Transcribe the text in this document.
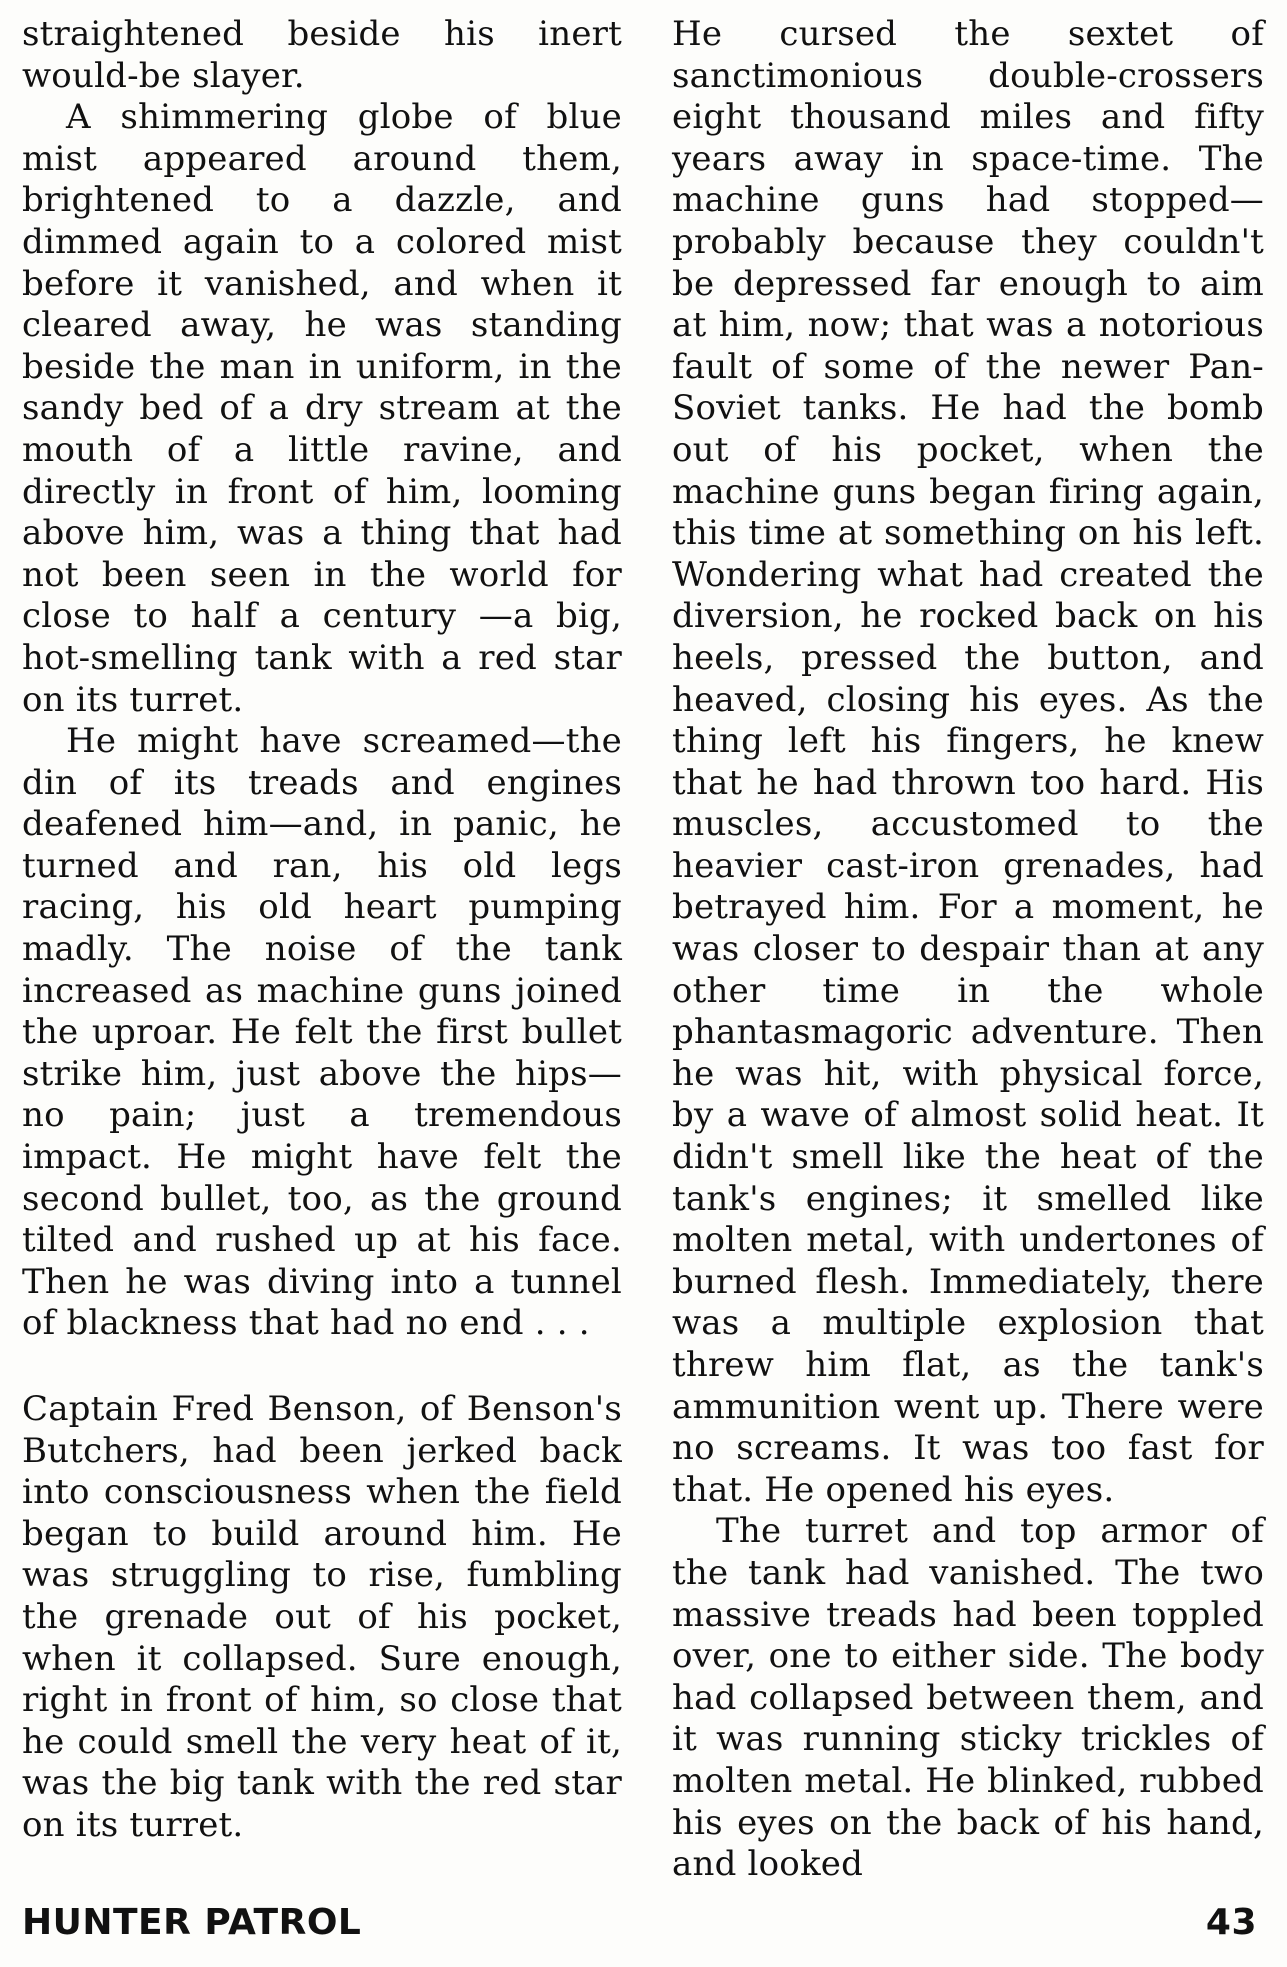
straightened beside his inert would-be slayer.

A shimmering globe of blue mist appeared around them, brightened to a dazzle, and dimmed again to a colored mist before it vanished, and when it cleared away, he was standing beside the man in uniform, in the sandy bed of a dry stream at the mouth of a little ravine, and directly in front of him, looming above him, was a thing that had not been seen in the world for close to half a century —a big, hot-smelling tank with a red star on its turret.

He might have screamed—the din of its treads and engines deafened him—and, in panic, he turned and ran, his old legs racing, his old heart pumping madly. The noise of the tank increased as machine guns joined the uproar. He felt the first bullet strike him, just above the hips—no pain; just a tremendous impact. He might have felt the second bullet, too, as the ground tilted and rushed up at his face. Then he was diving into a tunnel of blackness that had no end . . .

Captain Fred Benson, of Benson's Butchers, had been jerked back into consciousness when the field began to build around him. He was struggling to rise, fumbling the grenade out of his pocket, when it collapsed. Sure enough, right in front of him, so close that he could smell the very heat of it, was the big tank with the red star on its turret.

He cursed the sextet of sanctimonious double-crossers eight thousand miles and fifty years away in space-time. The machine guns had stopped—probably because they couldn't be depressed far enough to aim at him, now; that was a notorious fault of some of the newer Pan-Soviet tanks. He had the bomb out of his pocket, when the machine guns began firing again, this time at something on his left. Wondering what had created the diversion, he rocked back on his heels, pressed the button, and heaved, closing his eyes. As the thing left his fingers, he knew that he had thrown too hard. His muscles, accustomed to the heavier cast-iron grenades, had betrayed him. For a moment, he was closer to despair than at any other time in the whole phantasmagoric adventure. Then he was hit, with physical force, by a wave of almost solid heat. It didn't smell like the heat of the tank's engines; it smelled like molten metal, with undertones of burned flesh. Immediately, there was a multiple explosion that threw him flat, as the tank's ammunition went up. There were no screams. It was too fast for that. He opened his eyes.

The turret and top armor of the tank had vanished. The two massive treads had been toppled over, one to either side. The body had collapsed between them, and it was running sticky trickles of molten metal. He blinked, rubbed his eyes on the back of his hand, and looked

HUNTER PATROL	43
